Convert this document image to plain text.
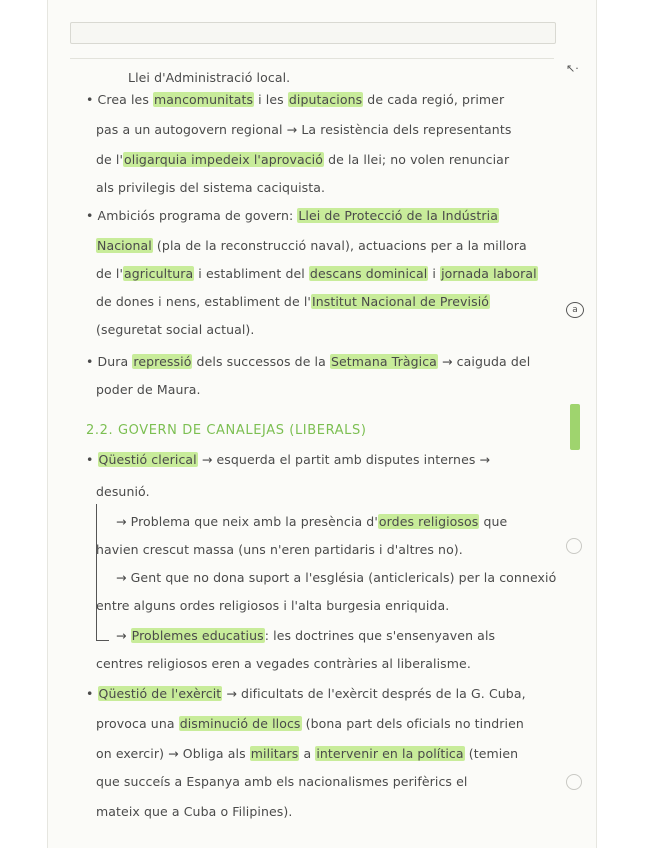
Llei d'Administració local.
• Crea les mancomunitats i les diputacions de cada regió, primer
pas a un autogovern regional → La resistència dels representants
de l'oligarquia impedeix l'aprovació de la llei; no volen renunciar
als privilegis del sistema caciquista.
• Ambiciós programa de govern: Llei de Protecció de la Indústria
Nacional (pla de la reconstrucció naval), actuacions per a la millora
de l'agricultura i establiment del descans dominical i jornada laboral
de dones i nens, establiment de l'Institut Nacional de Previsió
(seguretat social actual).
• Dura repressió dels successos de la Setmana Tràgica → caiguda del
poder de Maura.
2.2. GOVERN DE CANALEJAS (LIBERALS)
• Qüestió clerical → esquerda el partit amb disputes internes →
desunió.
→ Problema que neix amb la presència d'ordes religiosos que
havien crescut massa (uns n'eren partidaris i d'altres no).
→ Gent que no dona suport a l'església (anticlericals) per la connexió
entre alguns ordes religiosos i l'alta burgesia enriquida.
→ Problemes educatius: les doctrines que s'ensenyaven als
centres religiosos eren a vegades contràries al liberalisme.
• Qüestió de l'exèrcit → dificultats de l'exèrcit després de la G. Cuba,
provoca una disminució de llocs (bona part dels oficials no tindrien
on exercir) → Obliga als militars a intervenir en la política (temien
que succeís a Espanya amb els nacionalismes perifèrics el
mateix que a Cuba o Filipines).
↖·
a
